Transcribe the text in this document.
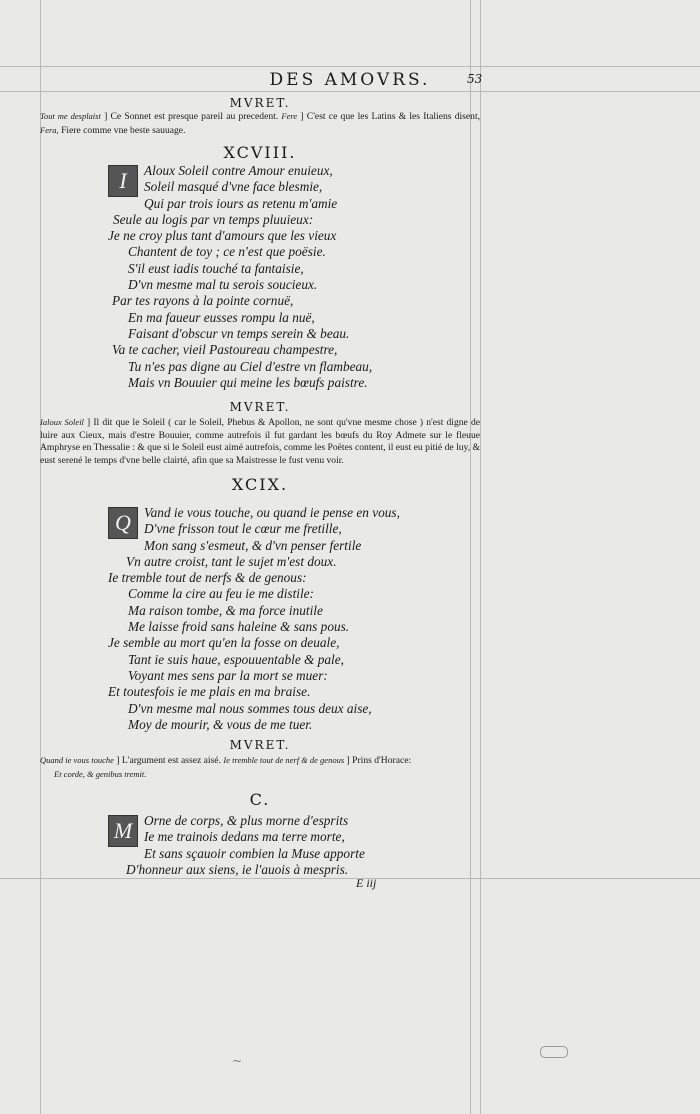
DES AMOVRS.	53
MVRET.
Tout me desplaist ] Ce Sonnet est presque pareil au precedent. Fere ] C'est ce que les Latins & les Italiens disent, Fera, Fiere comme vne beste sauuage.
XCVIII.
I	Aloux Soleil contre Amour enuieux,
Soleil masqué d'vne face blesmie,
Qui par trois iours as retenu m'amie
Seule au logis par vn temps pluuieux:
Je ne croy plus tant d'amours que les vieux
Chantent de toy ; ce n'est que poësie.
S'il eust iadis touché ta fantaisie,
D'vn mesme mal tu serois soucieux.
Par tes rayons à la pointe cornuë,
En ma faueur eusses rompu la nuë,
Faisant d'obscur vn temps serein & beau.
Va te cacher, vieil Pastoureau champestre,
Tu n'es pas digne au Ciel d'estre vn flambeau,
Mais vn Bouuier qui meine les bœufs paistre.
MVRET.
Ialoux Soleil ] Il dit que le Soleil ( car le Soleil, Phebus & Apollon, ne sont qu'vne mesme chose ) n'est digne de luire aux Cieux, mais d'estre Bouuier, comme autrefois il fut gardant les bœufs du Roy Admete sur le fleuue Amphryse en Thessalie : & que si le Soleil eust aimé autrefois, comme les Poëtes content, il eust eu pitié de luy, & eust serené le temps d'vne belle clairté, afin que sa Maistresse le fust venu voir.
XCIX.
Q Vand ie vous touche, ou quand ie pense en vous,
D'vne frisson tout le cœur me fretille,
Mon sang s'esmeut, & d'vn penser fertile
Vn autre croist, tant le sujet m'est doux.
Ie tremble tout de nerfs & de genous:
Comme la cire au feu ie me distile:
Ma raison tombe, & ma force inutile
Me laisse froid sans haleine & sans pous.
Je semble au mort qu'en la fosse on deuale,
Tant ie suis haue, espouuentable & pale,
Voyant mes sens par la mort se muer:
Et toutesfois ie me plais en ma braise.
D'vn mesme mal nous sommes tous deux aise,
Moy de mourir, & vous de me tuer.
MVRET.
Quand ie vous touche ] L'argument est assez aisé. Ie tremble tout de nerf & de genous ] Prins d'Horace:
Et corde, & genibus tremit.
C.
M Orne de corps, & plus morne d'esprits
Ie me trainois dedans ma terre morte,
Et sans sçauoir combien la Muse apporte
D'honneur aux siens, ie l'auois à mespris.
E iij
~
